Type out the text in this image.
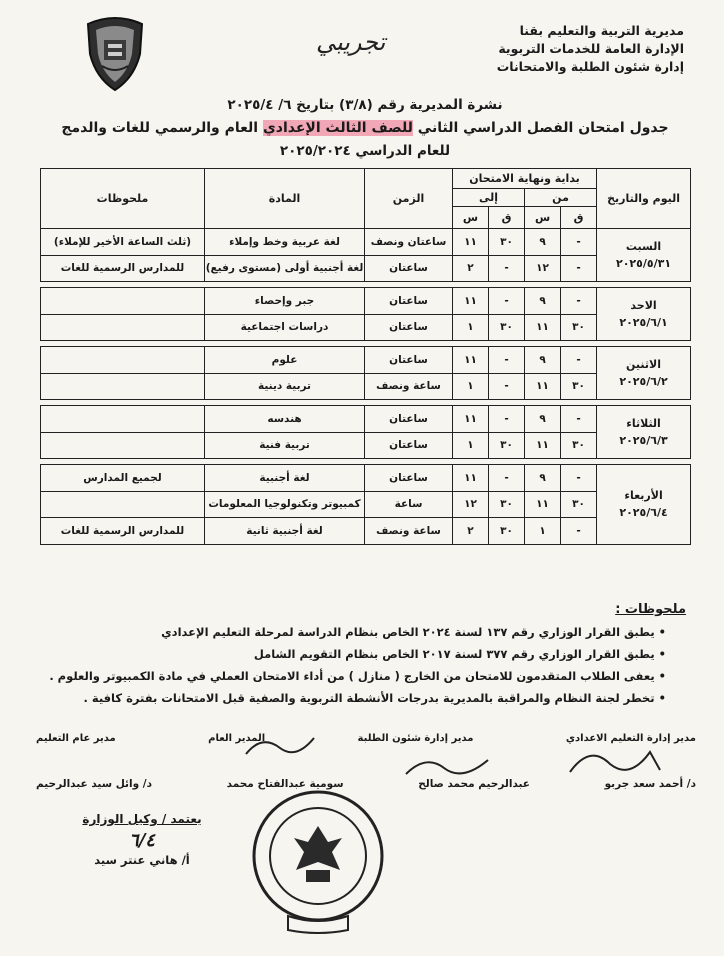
مديرية التربية والتعليم بقنا
الإدارة العامة للخدمات التربوية
إدارة شئون الطلبة والامتحانات
تجريبي
نشرة المديرية رقم (٣/٨) بتاريخ ٦/ ٢٠٢٥/٤
جدول امتحان الفصل الدراسي الثاني للصف الثالث الإعدادي العام والرسمي للغات والدمج
للعام الدراسي ٢٠٢٥/٢٠٢٤
اليوم والتاريخ	بداية ونهاية الامتحان				الزمن	المادة	ملحوظات
	من		إلى				
	ق	س	ق	س			

السبت
٢٠٢٥/٥/٣١	-	٩	٣٠	١١	ساعتان ونصف	لغة عربية وخط وإملاء	(ثلث الساعة الأخير للإملاء)
	-	١٢	-	٢	ساعتان	لغة أجنبية أولى (مستوى رفيع)	للمدارس الرسمية للغات

الاحد
٢٠٢٥/٦/١	-	٩	-	١١	ساعتان	جبر وإحصاء	
	٣٠	١١	٣٠	١	ساعتان	دراسات اجتماعية	

الاثنين
٢٠٢٥/٦/٢	-	٩	-	١١	ساعتان	علوم	
	٣٠	١١	-	١	ساعة ونصف	تربية دينية	

الثلاثاء
٢٠٢٥/٦/٣	-	٩	-	١١	ساعتان	هندسه	
	٣٠	١١	٣٠	١	ساعتان	تربية فنية	

الأربعاء
٢٠٢٥/٦/٤	-	٩	-	١١	ساعتان	لغة أجنبية	لجميع المدارس
	٣٠	١١	٣٠	١٢	ساعة	كمبيوتر وتكنولوجيا المعلومات	
	-	١	٣٠	٢	ساعة ونصف	لغة أجنبية ثانية	للمدارس الرسمية للغات
ملحوظات :
• يطبق القرار الوزاري رقم ١٣٧ لسنة ٢٠٢٤ الخاص بنظام الدراسة لمرحلة التعليم الإعدادي
• يطبق القرار الوزاري رقم ٣٧٧ لسنة ٢٠١٧ الخاص بنظام التقويم الشامل
• يعفى الطلاب المتقدمون للامتحان من الخارج ( منازل ) من أداء الامتحان العملي في مادة الكمبيوتر والعلوم .
• تخطر لجنة النظام والمراقبة بالمديرية بدرجات الأنشطة التربوية والصفية قبل الامتحانات بفترة كافية .
مدير إدارة التعليم الاعدادي
مدير إدارة شئون الطلبة
المدير العام
مدير عام التعليم
د/ أحمد سعد جربو
عبدالرحيم محمد صالح
سومية عبدالفتاح محمد
د/ وائل سيد عبدالرحيم
يعتمد / وكيل الوزارة
٦/٤
أ/ هاني عنتر سيد
